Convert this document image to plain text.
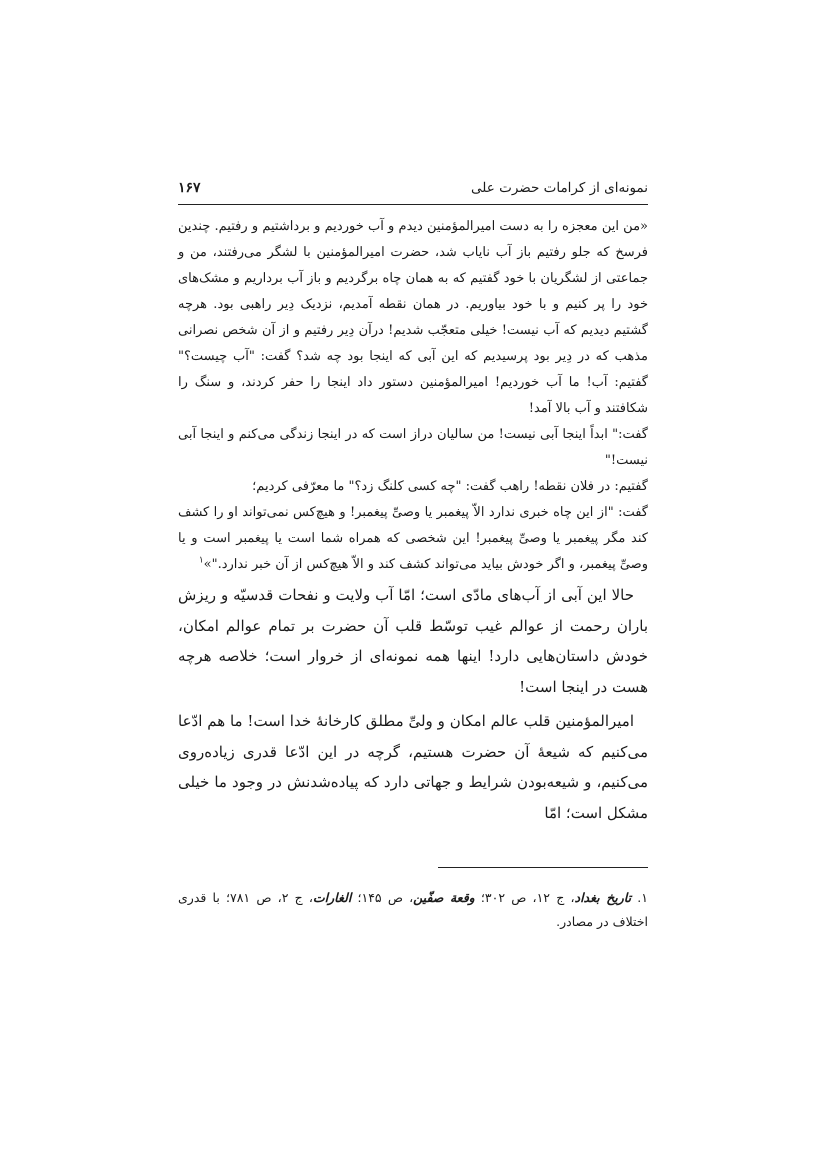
نمونه‌ای از کرامات حضرت علی
۱۶۷

«من این معجزه را به دست امیرالمؤمنین دیدم و آب خوردیم و برداشتیم و رفتیم. چندین فرسخ که جلو رفتیم باز آب نایاب شد، حضرت امیرالمؤمنین با لشگر می‌رفتند، من و جماعتی از لشگریان با خود گفتیم که به همان چاه برگردیم و باز آب برداریم و مشک‌های خود را پر کنیم و با خود بیاوریم. در همان نقطه آمدیم، نزدیک دِیر راهبی بود. هرچه گشتیم دیدیم که آب نیست! خیلی متعجّب شدیم! درآن دِیر رفتیم و از آن شخص نصرانی مذهب که در دِیر بود پرسیدیم که این آبی که اینجا بود چه شد؟ گفت: "آب چیست؟" گفتیم: آب! ما آب خوردیم! امیرالمؤمنین دستور داد اینجا را حفر کردند، و سنگ را شکافتند و آب بالا آمد!

گفت:" ابداً اینجا آبی نیست! من سالیان دراز است که در اینجا زندگی می‌کنم و اینجا آبی نیست!"

گفتیم: در فلان نقطه! راهب گفت: "چه کسی کلنگ زد؟" ما معرّفی کردیم؛

گفت: "از این چاه خبری ندارد الاّ پیغمبر یا وصیِّ پیغمبر! و هیچ‌کس نمی‌تواند او را کشف کند مگر پیغمبر یا وصیِّ پیغمبر! این شخصی که همراه شما است یا پیغمبر است و یا وصیِّ پیغمبر، و اگر خودش بیاید می‌تواند کشف کند و الاّ هیچ‌کس از آن خبر ندارد."»$^۱$

حالا این آبی از آب‌های مادّی است؛ امّا آب ولایت و نفحات قدسیّه و ریزش باران رحمت از عوالم غیب توسّط قلب آن حضرت بر تمام عوالم امکان، خودش داستان‌هایی دارد! اینها همه نمونه‌ای از خروار است؛ خلاصه هرچه هست در اینجا است!

امیرالمؤمنین قلب عالم امکان و ولیِّ مطلق کارخانهٔ خدا است! ما هم ادّعا می‌کنیم که شیعهٔ آن حضرت هستیم، گرچه در این ادّعا قدری زیاده‌روی می‌کنیم، و شیعه‌بودن شرایط و جهاتی دارد که پیاده‌شدنش در وجود ما خیلی مشکل است؛ امّا

۱. تاریخ بغداد، ج ۱۲، ص ۳۰۲؛ وقعة صفّین، ص ۱۴۵؛ الغارات، ج ۲، ص ۷۸۱؛ با قدری اختلاف در مصادر.
